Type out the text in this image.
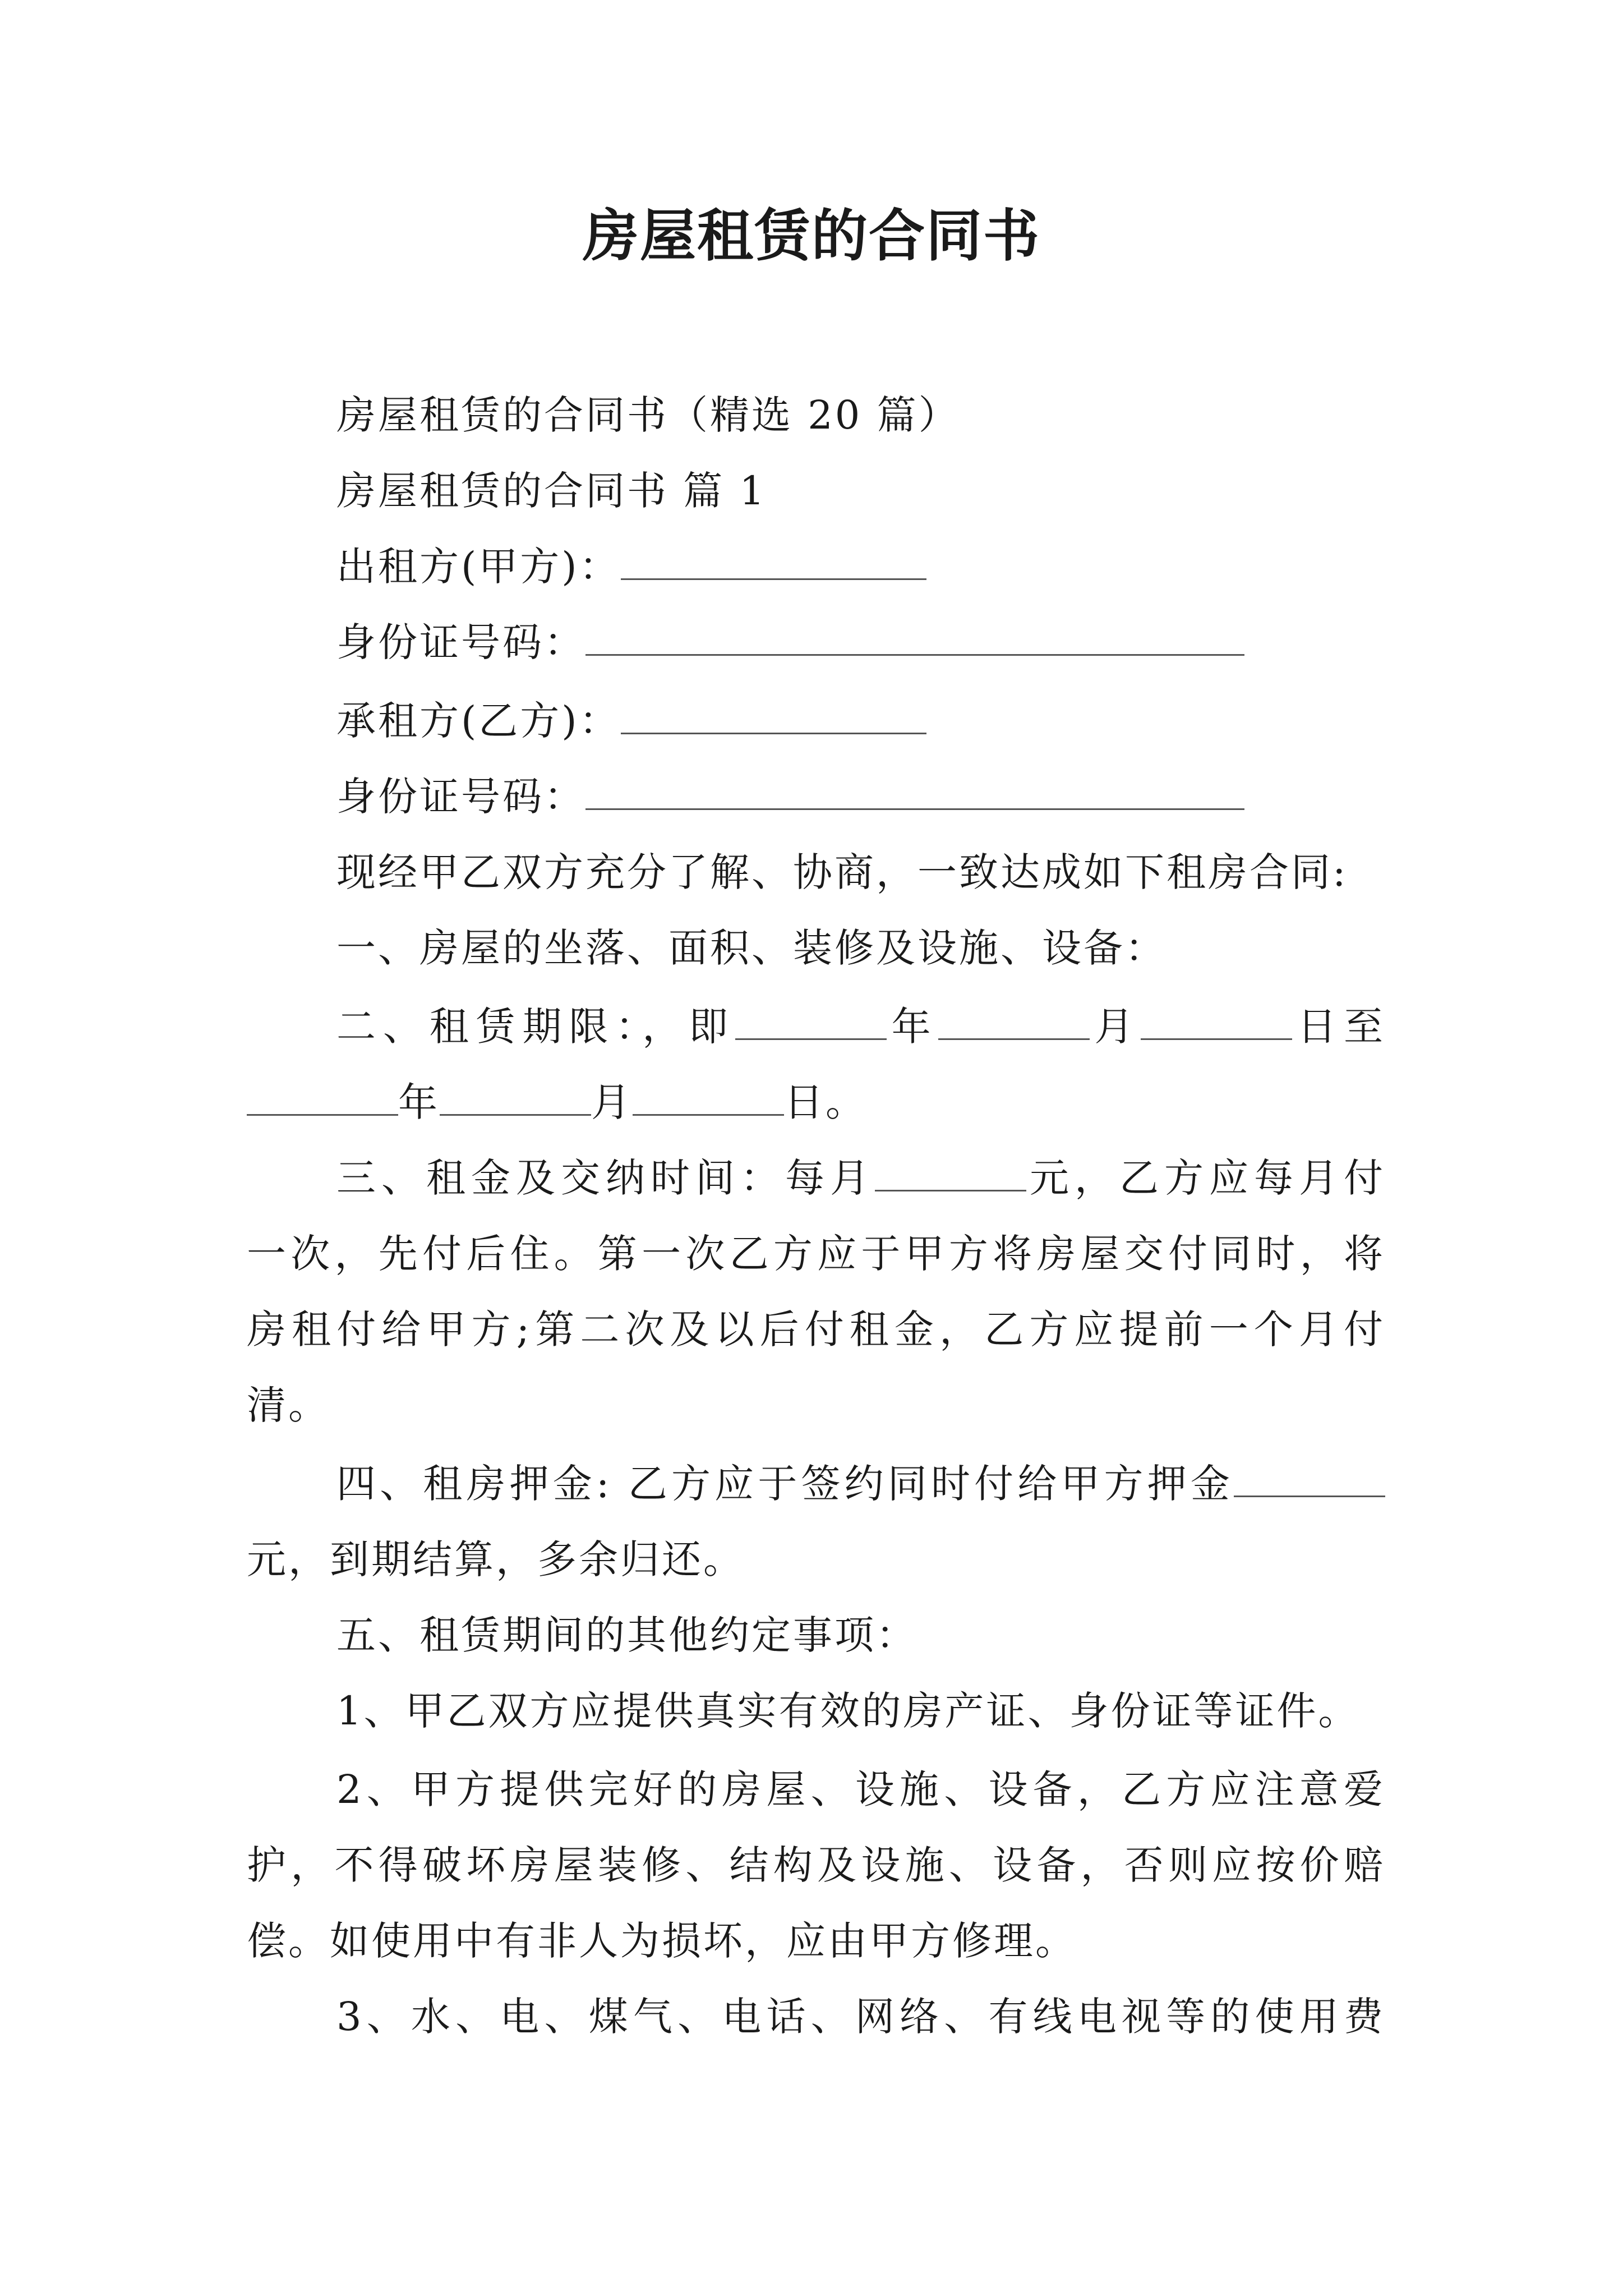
房屋租赁的合同书
房屋租赁的合同书（精选 20 篇）
房屋租赁的合同书 篇 1
出租方(甲方)：
身份证号码：
承租方(乙方)：
身份证号码：
现经甲乙双方充分了解、协商，一致达成如下租房合同:
一、房屋的坐落、面积、装修及设施、设备：
二、租赁期限：，即	年	月	日至
年	月	日。
三、租金及交纳时间：每月	元，乙方应每月付
一次，先付后住。第一次乙方应于甲方将房屋交付同时，将
房租付给甲方;第二次及以后付租金，乙方应提前一个月付
清。
四、租房押金: 乙方应于签约同时付给甲方押金
元，到期结算，多余归还。
五、租赁期间的其他约定事项：
1、甲乙双方应提供真实有效的房产证、身份证等证件。
2、甲方提供完好的房屋、设施、设备，乙方应注意爱
护，不得破坏房屋装修、结构及设施、设备，否则应按价赔
偿。如使用中有非人为损坏，应由甲方修理。
3、水、电、煤气、电话、网络、有线电视等的使用费
